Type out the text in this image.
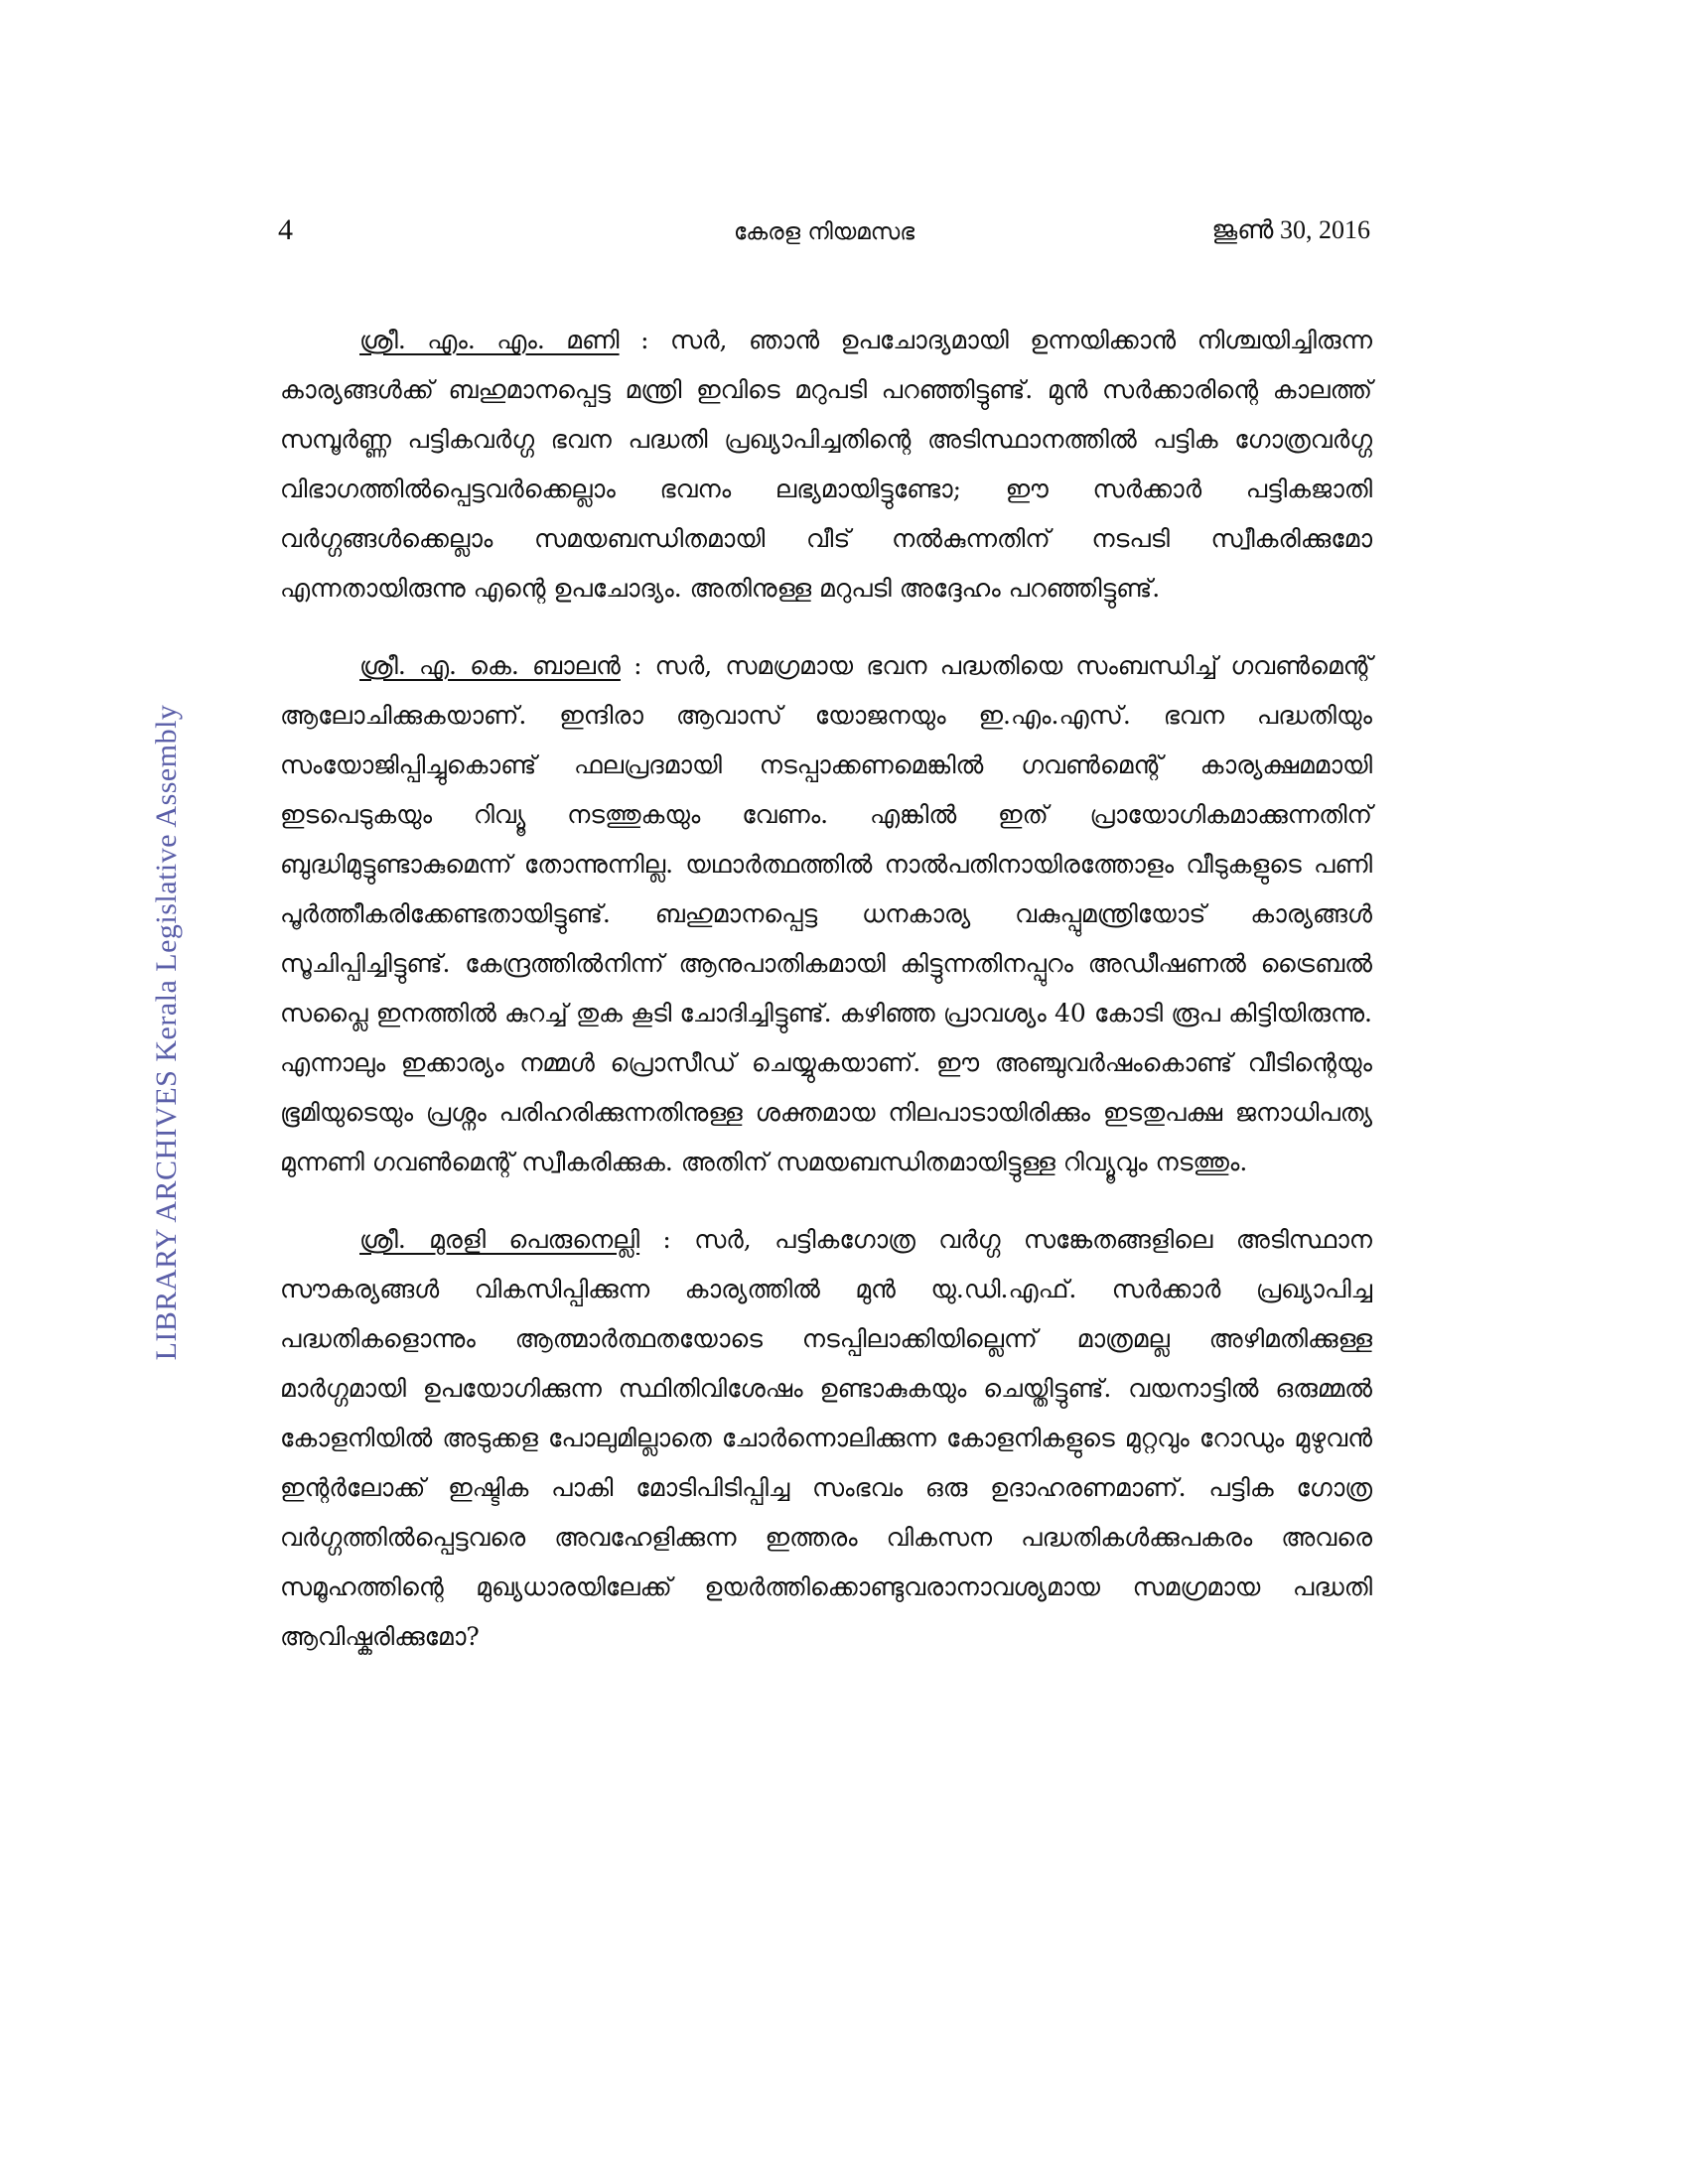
4	കേരള നിയമസഭ	ജൂൺ 30, 2016
LIBRARY ARCHIVES Kerala Legislative Assembly

ശ്രീ. എം. എം. മണി : സർ, ഞാൻ ഉപചോദ്യമായി ഉന്നയിക്കാൻ നിശ്ചയിച്ചിരുന്ന കാര്യങ്ങൾക്ക് ബഹുമാനപ്പെട്ട മന്ത്രി ഇവിടെ മറുപടി പറഞ്ഞിട്ടുണ്ട്. മുൻ സർക്കാരിന്റെ കാലത്ത് സമ്പൂർണ്ണ പട്ടികവർഗ്ഗ ഭവന പദ്ധതി പ്രഖ്യാപിച്ചതിന്റെ അടിസ്ഥാനത്തിൽ പട്ടിക ഗോത്രവർഗ്ഗ വിഭാഗത്തിൽപ്പെട്ടവർക്കെല്ലാം ഭവനം ലഭ്യമായിട്ടുണ്ടോ; ഈ സർക്കാർ പട്ടികജാതി വർഗ്ഗങ്ങൾക്കെല്ലാം സമയബന്ധിതമായി വീട് നൽകുന്നതിന് നടപടി സ്വീകരിക്കുമോ എന്നതായിരുന്നു എന്റെ ഉപചോദ്യം. അതിനുള്ള മറുപടി അദ്ദേഹം പറഞ്ഞിട്ടുണ്ട്.

ശ്രീ. എ. കെ. ബാലൻ : സർ, സമഗ്രമായ ഭവന പദ്ധതിയെ സംബന്ധിച്ച് ഗവൺമെന്റ് ആലോചിക്കുകയാണ്. ഇന്ദിരാ ആവാസ് യോജനയും ഇ.എം.എസ്. ഭവന പദ്ധതിയും സംയോജിപ്പിച്ചുകൊണ്ട് ഫലപ്രദമായി നടപ്പാക്കണമെങ്കിൽ ഗവൺമെന്റ് കാര്യക്ഷമമായി ഇടപെടുകയും റിവ്യൂ നടത്തുകയും വേണം. എങ്കിൽ ഇത് പ്രായോഗികമാക്കുന്നതിന് ബുദ്ധിമുട്ടുണ്ടാകുമെന്ന് തോന്നുന്നില്ല. യഥാർത്ഥത്തിൽ നാൽപതിനായിരത്തോളം വീടുകളുടെ പണി പൂർത്തീകരിക്കേണ്ടതായിട്ടുണ്ട്. ബഹുമാനപ്പെട്ട ധനകാര്യ വകുപ്പുമന്ത്രിയോട് കാര്യങ്ങൾ സൂചിപ്പിച്ചിട്ടുണ്ട്. കേന്ദ്രത്തിൽനിന്ന് ആനുപാതികമായി കിട്ടുന്നതിനപ്പുറം അഡീഷണൽ ട്രൈബൽ സപ്ലൈ ഇനത്തിൽ കുറച്ച് തുക കൂടി ചോദിച്ചിട്ടുണ്ട്. കഴിഞ്ഞ പ്രാവശ്യം 40 കോടി രൂപ കിട്ടിയിരുന്നു. എന്നാലും ഇക്കാര്യം നമ്മൾ പ്രൊസീഡ് ചെയ്യുകയാണ്. ഈ അഞ്ചുവർഷംകൊണ്ട് വീടിന്റെയും ഭൂമിയുടെയും പ്രശ്നം പരിഹരിക്കുന്നതിനുള്ള ശക്തമായ നിലപാടായിരിക്കും ഇടതുപക്ഷ ജനാധിപത്യ മുന്നണി ഗവൺമെന്റ് സ്വീകരിക്കുക. അതിന് സമയബന്ധിതമായിട്ടുള്ള റിവ്യൂവും നടത്തും.

ശ്രീ. മുരളി പെരുനെല്ലി : സർ, പട്ടികഗോത്ര വർഗ്ഗ സങ്കേതങ്ങളിലെ അടിസ്ഥാന സൗകര്യങ്ങൾ വികസിപ്പിക്കുന്ന കാര്യത്തിൽ മുൻ യു.ഡി.എഫ്. സർക്കാർ പ്രഖ്യാപിച്ച പദ്ധതികളൊന്നും ആത്മാർത്ഥതയോടെ നടപ്പിലാക്കിയില്ലെന്ന് മാത്രമല്ല അഴിമതിക്കുള്ള മാർഗ്ഗമായി ഉപയോഗിക്കുന്ന സ്ഥിതിവിശേഷം ഉണ്ടാകുകയും ചെയ്തിട്ടുണ്ട്. വയനാട്ടിൽ ഒരുമ്മൽ കോളനിയിൽ അടുക്കള പോലുമില്ലാതെ ചോർന്നൊലിക്കുന്ന കോളനികളുടെ മുറ്റവും റോഡും മുഴുവൻ ഇന്റർലോക്ക് ഇഷ്ടിക പാകി മോടിപിടിപ്പിച്ച സംഭവം ഒരു ഉദാഹരണമാണ്. പട്ടിക ഗോത്ര വർഗ്ഗത്തിൽപ്പെട്ടവരെ അവഹേളിക്കുന്ന ഇത്തരം വികസന പദ്ധതികൾക്കുപകരം അവരെ സമൂഹത്തിന്റെ മുഖ്യധാരയിലേക്ക് ഉയർത്തിക്കൊണ്ടുവരാനാവശ്യമായ സമഗ്രമായ പദ്ധതി ആവിഷ്കരിക്കുമോ?
